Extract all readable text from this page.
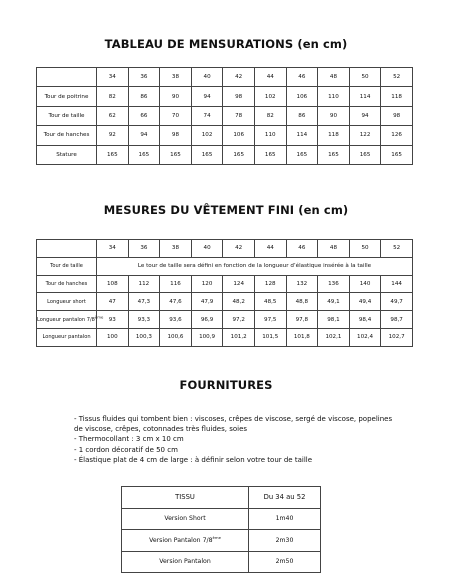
TABLEAU DE MENSURATIONS (en cm)
	34	36	38	40	42	44	46	48	50	52
Tour de poitrine	82	86	90	94	98	102	106	110	114	118
Tour de taille	62	66	70	74	78	82	86	90	94	98
Tour de hanches	92	94	98	102	106	110	114	118	122	126
Stature	165	165	165	165	165	165	165	165	165	165
MESURES DU VÊTEMENT FINI (en cm)
	34	36	38	40	42	44	46	48	50	52
Tour de taille	Le tour de taille sera défini en fonction de la longueur d’élastique insérée à la taille									
Tour de hanches	108	112	116	120	124	128	132	136	140	144
Longueur short	47	47,3	47,6	47,9	48,2	48,5	48,8	49,1	49,4	49,7
Longueur pantalon 7/8ème	93	93,3	93,6	96,9	97,2	97,5	97,8	98,1	98,4	98,7
Longueur pantalon	100	100,3	100,6	100,9	101,2	101,5	101,8	102,1	102,4	102,7
FOURNITURES
- Tissus fluides qui tombent bien : viscoses, crêpes de viscose, sergé de viscose, popelines
de viscose, crêpes, cotonnades très fluides, soies
- Thermocollant : 3 cm x 10 cm
- 1 cordon décoratif de 50 cm
- Élastique plat de 4 cm de large : à définir selon votre tour de taille
TISSU	Du 34 au 52
Version Short	1m40
Version Pantalon 7/8ème	2m30
Version Pantalon	2m50
